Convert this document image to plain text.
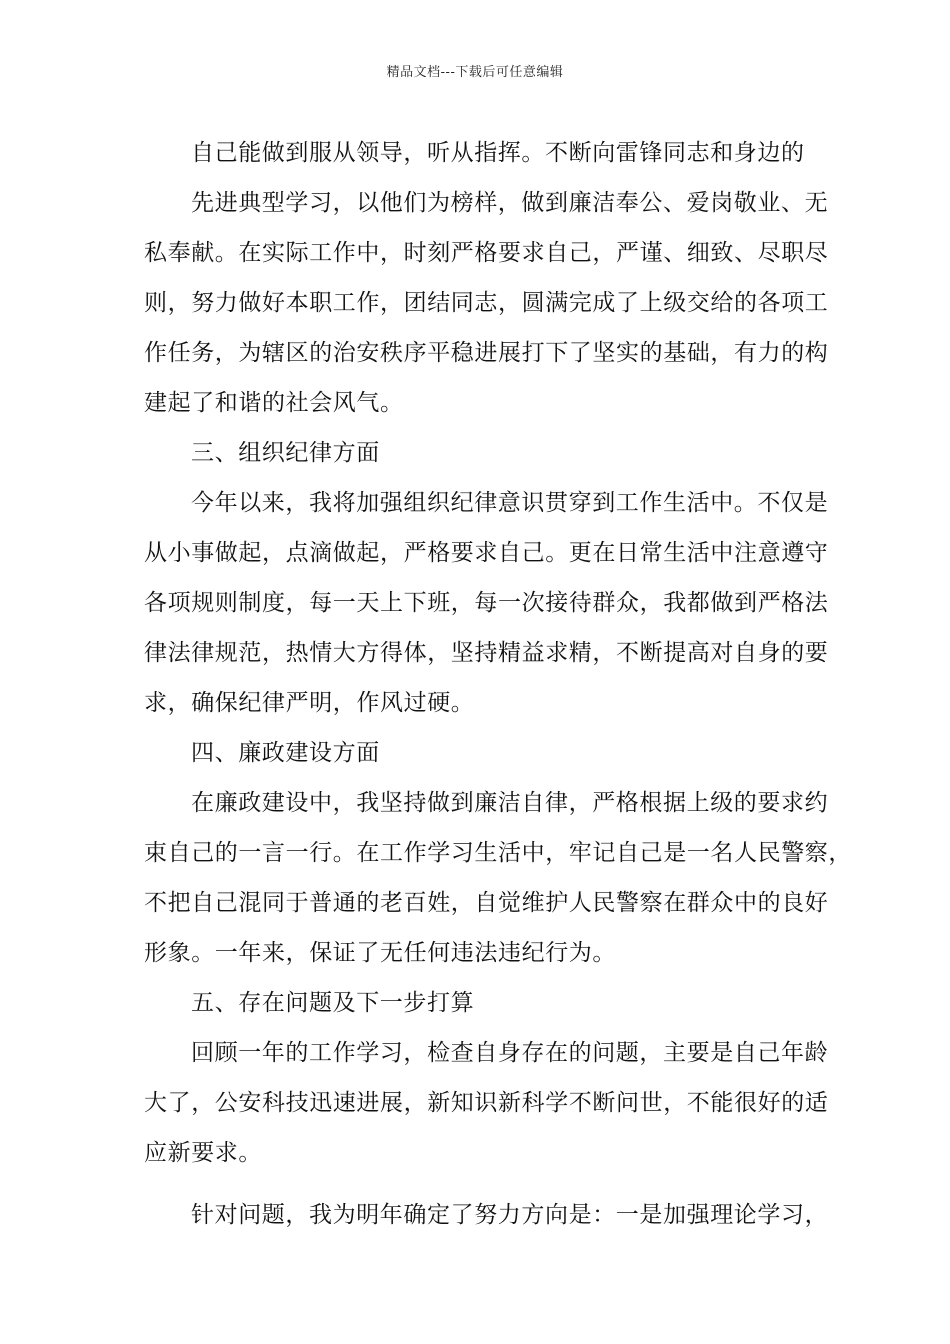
精品文档---下载后可任意编辑
自己能做到服从领导，听从指挥。不断向雷锋同志和身边的
先进典型学习，以他们为榜样，做到廉洁奉公、爱岗敬业、无
私奉献。在实际工作中，时刻严格要求自己，严谨、细致、尽职尽
则，努力做好本职工作，团结同志，圆满完成了上级交给的各项工
作任务，为辖区的治安秩序平稳进展打下了坚实的基础，有力的构
建起了和谐的社会风气。
三、组织纪律方面
今年以来，我将加强组织纪律意识贯穿到工作生活中。不仅是
从小事做起，点滴做起，严格要求自己。更在日常生活中注意遵守
各项规则制度，每一天上下班，每一次接待群众，我都做到严格法
律法律规范，热情大方得体，坚持精益求精，不断提高对自身的要
求，确保纪律严明，作风过硬。
四、廉政建设方面
在廉政建设中，我坚持做到廉洁自律，严格根据上级的要求约
束自己的一言一行。在工作学习生活中，牢记自己是一名人民警察，
不把自己混同于普通的老百姓，自觉维护人民警察在群众中的良好
形象。一年来，保证了无任何违法违纪行为。
五、存在问题及下一步打算
回顾一年的工作学习，检查自身存在的问题，主要是自己年龄
大了，公安科技迅速进展，新知识新科学不断问世，不能很好的适
应新要求。
针对问题，我为明年确定了努力方向是：一是加强理论学习，
